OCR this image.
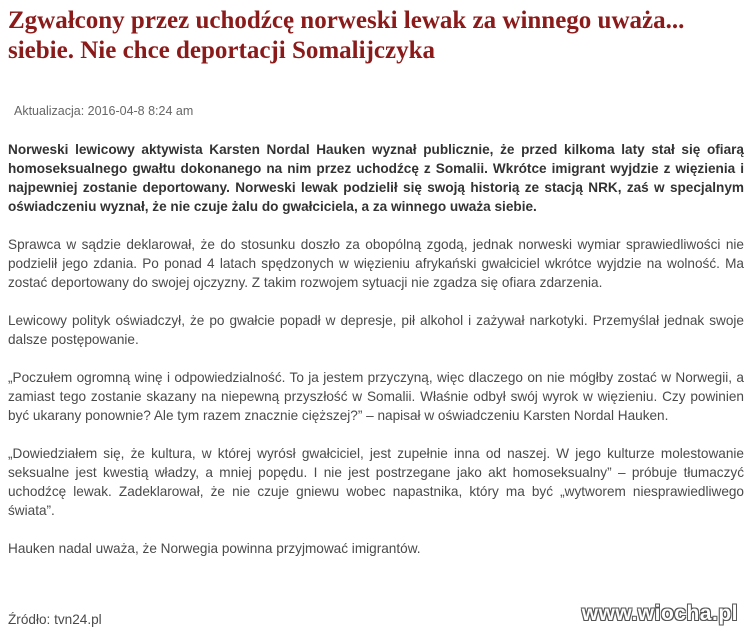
Zgwałcony przez uchodźcę norweski lewak za winnego uważa... siebie. Nie chce deportacji Somalijczyka
Aktualizacja: 2016-04-8 8:24 am

Norweski lewicowy aktywista Karsten Nordal Hauken wyznał publicznie, że przed kilkoma laty stał się ofiarą homoseksualnego gwałtu dokonanego na nim przez uchodźcę z Somalii. Wkrótce imigrant wyjdzie z więzienia i najpewniej zostanie deportowany. Norweski lewak podzielił się swoją historią ze stacją NRK, zaś w specjalnym oświadczeniu wyznał, że nie czuje żalu do gwałciciela, a za winnego uważa siebie.

Sprawca w sądzie deklarował, że do stosunku doszło za obopólną zgodą, jednak norweski wymiar sprawiedliwości nie podzielił jego zdania. Po ponad 4 latach spędzonych w więzieniu afrykański gwałciciel wkrótce wyjdzie na wolność. Ma zostać deportowany do swojej ojczyzny. Z takim rozwojem sytuacji nie zgadza się ofiara zdarzenia.

Lewicowy polityk oświadczył, że po gwałcie popadł w depresje, pił alkohol i zażywał narkotyki. Przemyślał jednak swoje dalsze postępowanie.

„Poczułem ogromną winę i odpowiedzialność. To ja jestem przyczyną, więc dlaczego on nie mógłby zostać w Norwegii, a zamiast tego zostanie skazany na niepewną przyszłość w Somalii. Właśnie odbył swój wyrok w więzieniu. Czy powinien być ukarany ponownie? Ale tym razem znacznie cięższej?” – napisał w oświadczeniu Karsten Nordal Hauken.

„Dowiedziałem się, że kultura, w której wyrósł gwałciciel, jest zupełnie inna od naszej. W jego kulturze molestowanie seksualne jest kwestią władzy, a mniej popędu. I nie jest postrzegane jako akt homoseksualny” – próbuje tłumaczyć uchodźcę lewak. Zadeklarował, że nie czuje gniewu wobec napastnika, który ma być „wytworem niesprawiedliwego świata”.

Hauken nadal uważa, że Norwegia powinna przyjmować imigrantów.

Źródło: tvn24.pl	www.wiocha.pl
